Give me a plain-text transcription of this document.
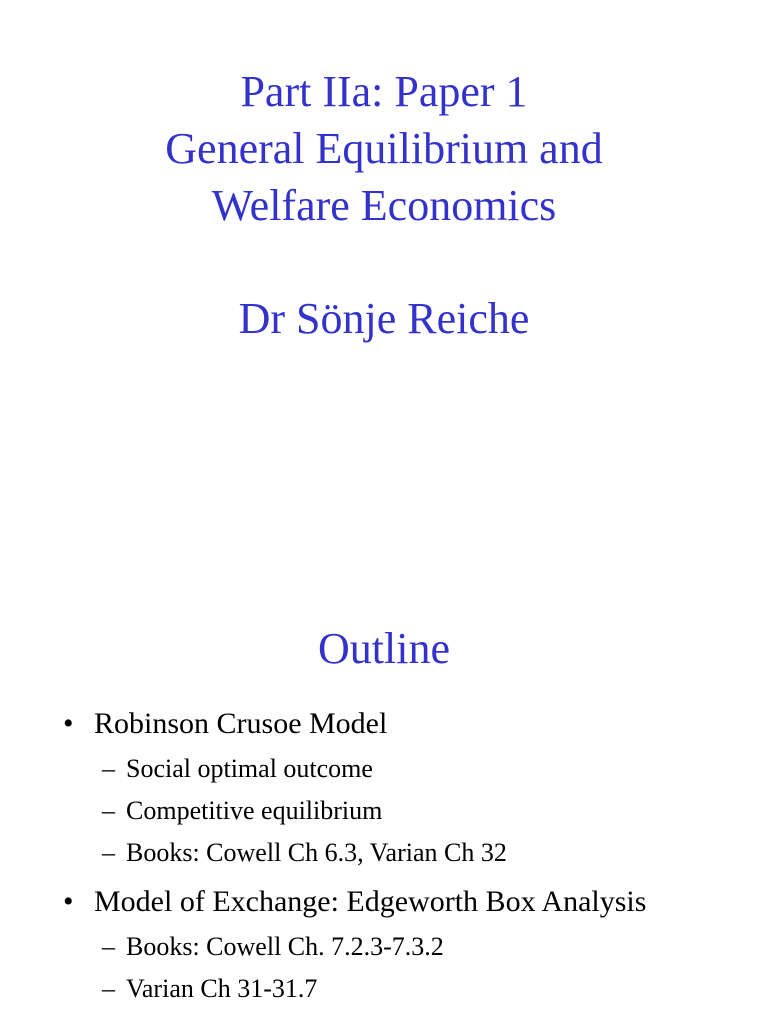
Part IIa: Paper 1
General Equilibrium and
Welfare Economics
Dr Sönje Reiche
Outline
• Robinson Crusoe Model
– Social optimal outcome
– Competitive equilibrium
– Books: Cowell Ch 6.3, Varian Ch 32
• Model of Exchange: Edgeworth Box Analysis
– Books: Cowell Ch. 7.2.3-7.3.2
– Varian Ch 31-31.7
